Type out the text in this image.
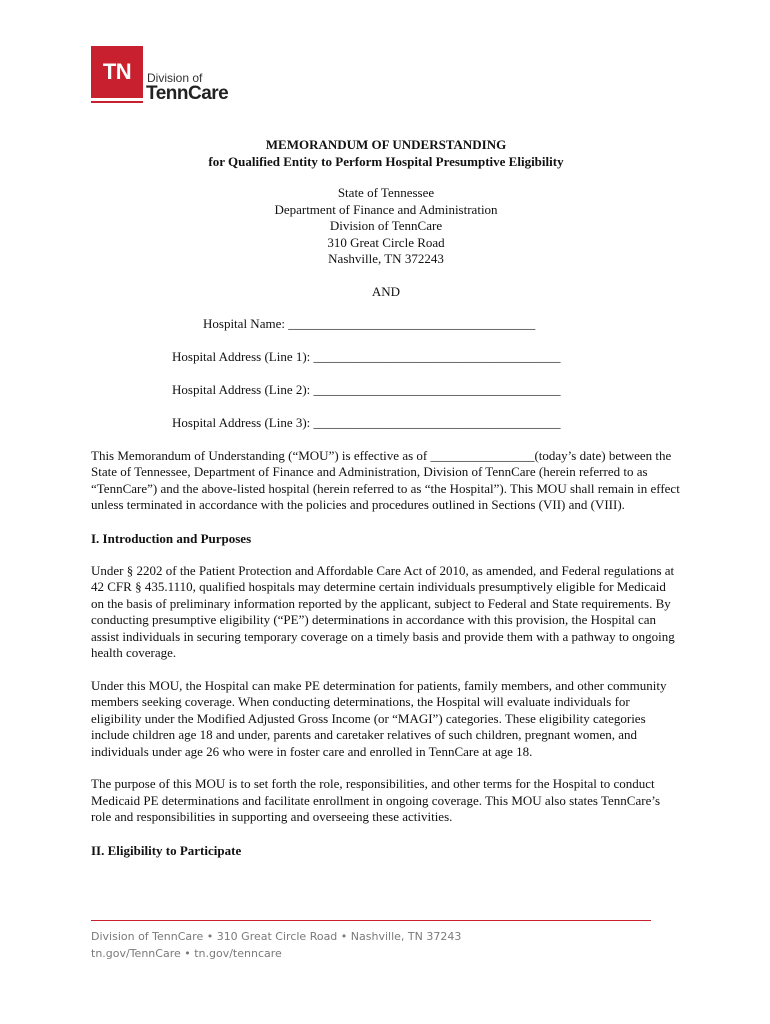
TN	Division of
TennCare
MEMORANDUM OF UNDERSTANDING
for Qualified Entity to Perform Hospital Presumptive Eligibility
State of Tennessee
Department of Finance and Administration
Division of TennCare
310 Great Circle Road
Nashville, TN 372243
AND
Hospital Name: ______________________________________
Hospital Address (Line 1): ______________________________________
Hospital Address (Line 2): ______________________________________
Hospital Address (Line 3): ______________________________________

This Memorandum of Understanding (“MOU”) is effective as of ________________(today’s date) between the State of Tennessee, Department of Finance and Administration, Division of TennCare (herein referred to as “TennCare”) and the above-listed hospital (herein referred to as “the Hospital”). This MOU shall remain in effect unless terminated in accordance with the policies and procedures outlined in Sections (VII) and (VIII).

I. Introduction and Purposes

Under § 2202 of the Patient Protection and Affordable Care Act of 2010, as amended, and Federal regulations at 42 CFR § 435.1110, qualified hospitals may determine certain individuals presumptively eligible for Medicaid on the basis of preliminary information reported by the applicant, subject to Federal and State requirements. By conducting presumptive eligibility (“PE”) determinations in accordance with this provision, the Hospital can assist individuals in securing temporary coverage on a timely basis and provide them with a pathway to ongoing health coverage.

Under this MOU, the Hospital can make PE determination for patients, family members, and other community members seeking coverage. When conducting determinations, the Hospital will evaluate individuals for eligibility under the Modified Adjusted Gross Income (or “MAGI”) categories. These eligibility categories include children age 18 and under, parents and caretaker relatives of such children, pregnant women, and individuals under age 26 who were in foster care and enrolled in TennCare at age 18.

The purpose of this MOU is to set forth the role, responsibilities, and other terms for the Hospital to conduct Medicaid PE determinations and facilitate enrollment in ongoing coverage. This MOU also states TennCare’s role and responsibilities in supporting and overseeing these activities.

II. Eligibility to Participate
Division of TennCare • 310 Great Circle Road • Nashville, TN 37243
tn.gov/TennCare • tn.gov/tenncare
